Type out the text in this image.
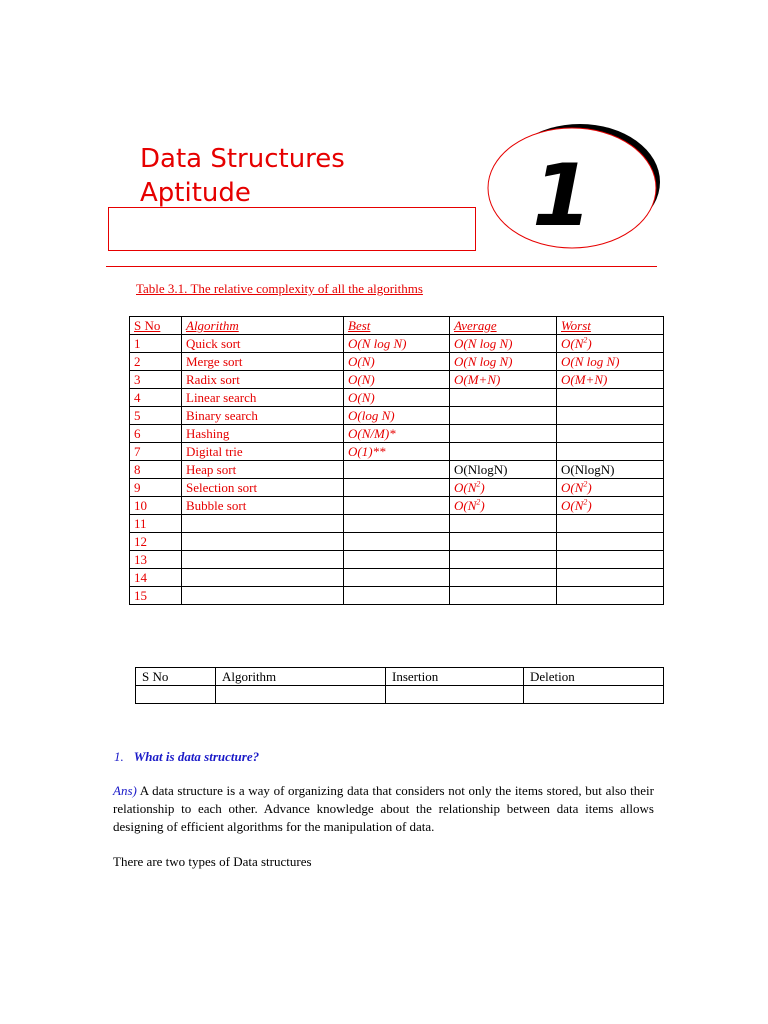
Data Structures
Aptitude	1
Table 3.1. The relative complexity of all the algorithms
S No	Algorithm	Best	Average	Worst
1	Quick sort	O(N log N)	O(N log N)	$O(N^2)$
2	Merge sort	O(N)	O(N log N)	O(N log N)
3	Radix sort	O(N)	O(M+N)	O(M+N)
4	Linear search	O(N)		
5	Binary search	O(log N)		
6	Hashing	O(N/M)*		
7	Digital trie	O(1)**		
8	Heap sort		O(NlogN)	O(NlogN)
9	Selection sort		$O(N^2)$	$O(N^2)$
10	Bubble sort		$O(N^2)$	$O(N^2)$
11				
12				
13				
14				
15				
S No	Algorithm	Insertion	Deletion

1. What is data structure?
Ans) A data structure is a way of organizing data that considers not only the items stored, but also their relationship to each other. Advance knowledge about the relationship between data items allows designing of efficient algorithms for the manipulation of data.
There are two types of Data structures
